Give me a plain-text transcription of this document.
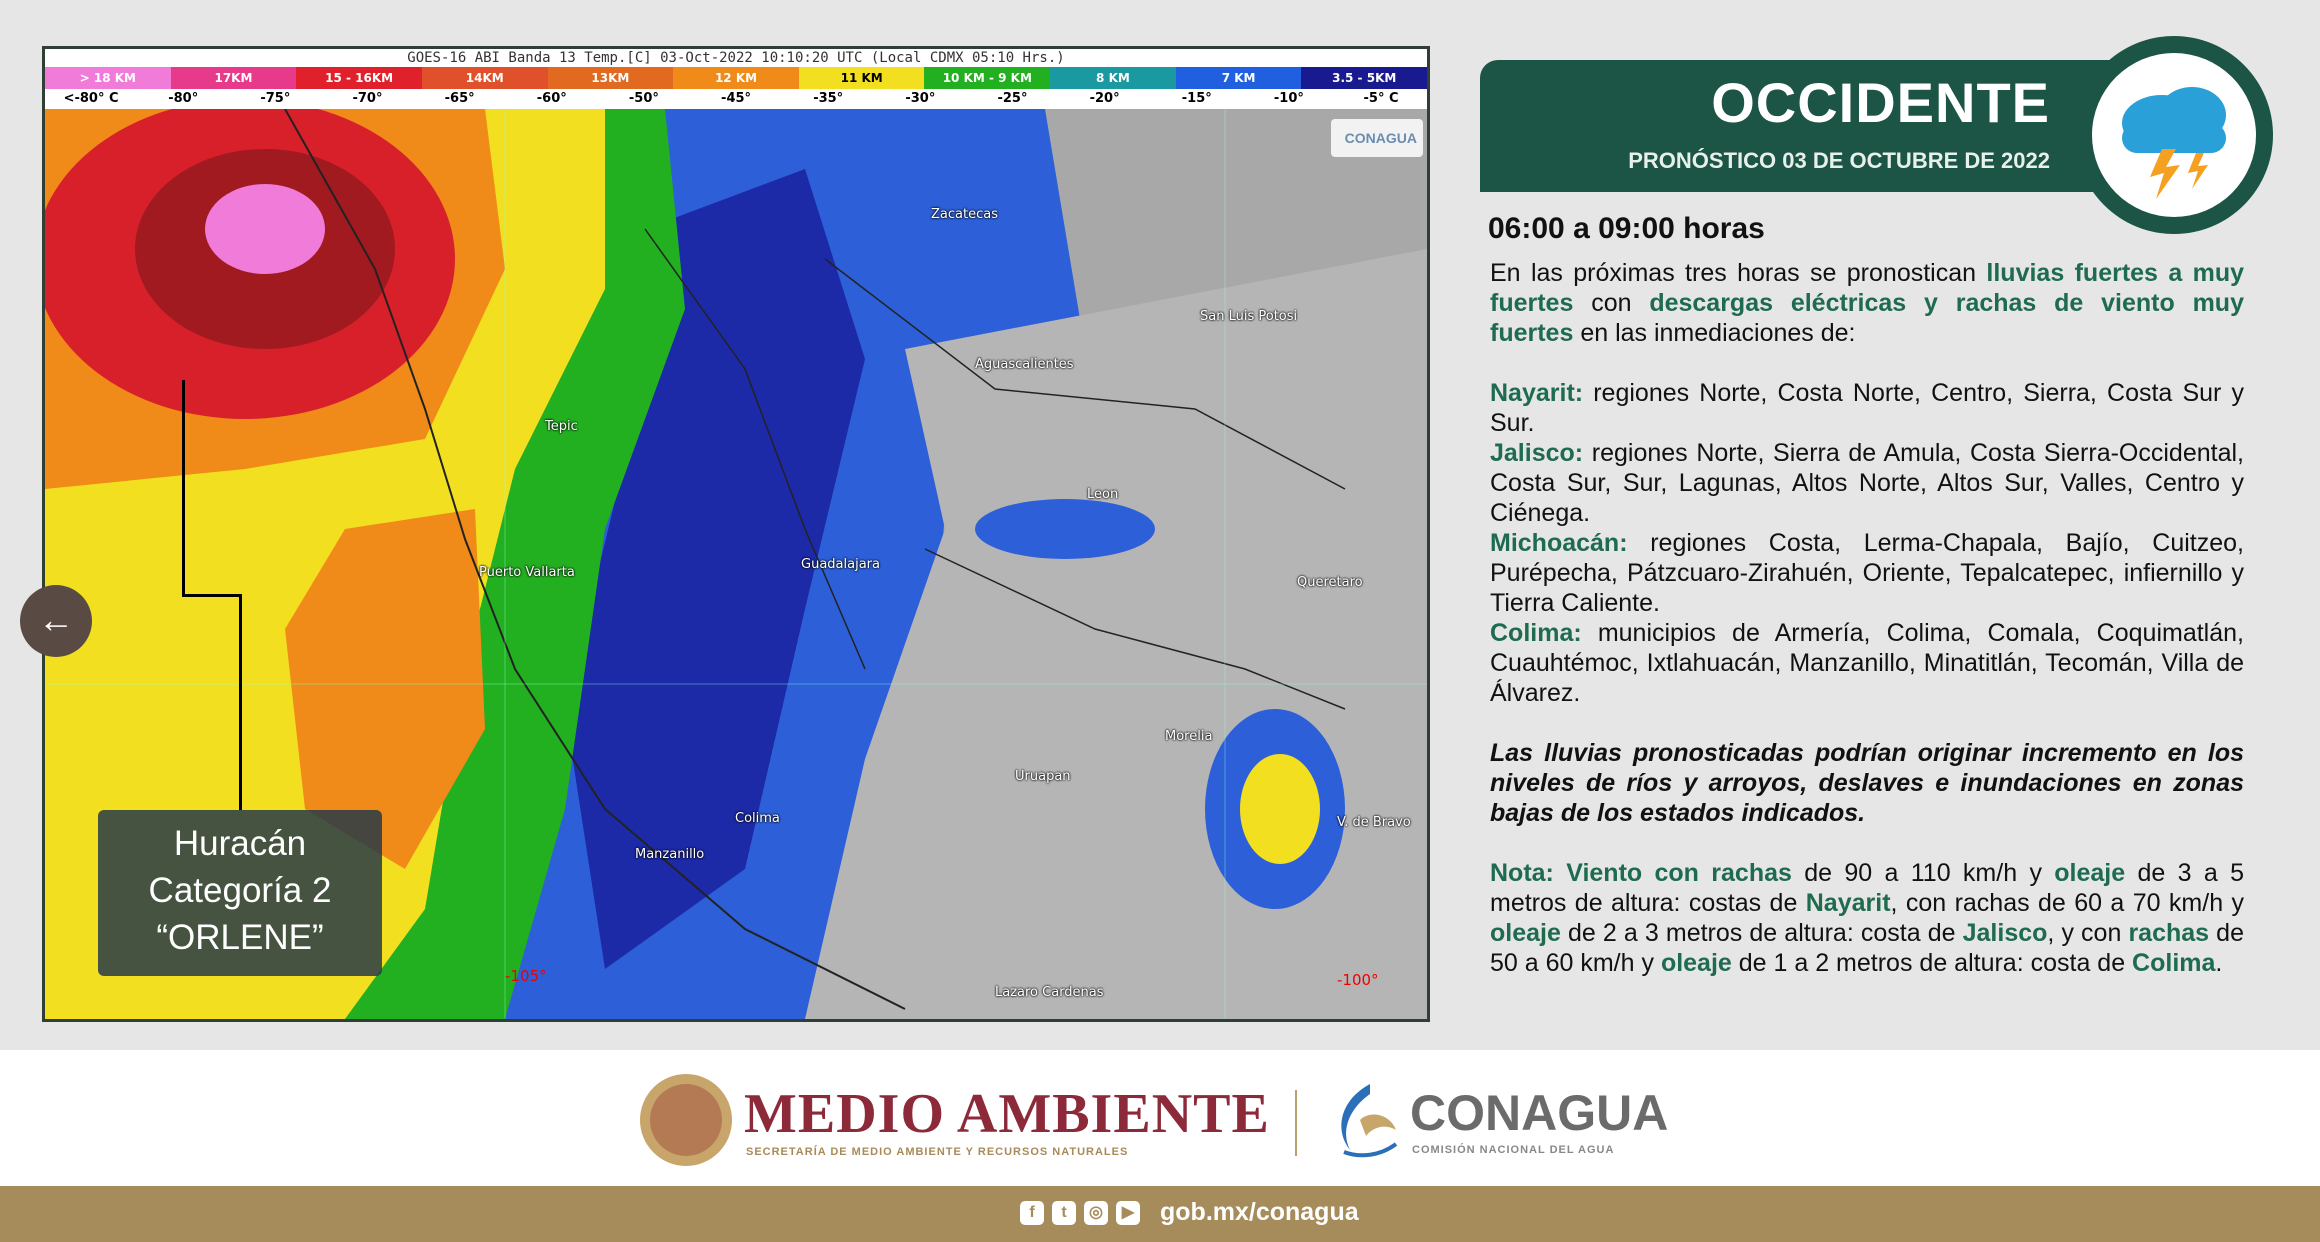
GOES-16 ABI Banda 13 Temp.[C] 03-Oct-2022 10:10:20 UTC (Local CDMX 05:10 Hrs.)
> 18 KM	17KM	15 - 16KM	14KM	13KM	12 KM	11 KM	10 KM - 9 KM	8 KM	7 KM	3.5 - 5KM
<-80° C	-80°	-75°	-70°	-65°	-60°	-50°	-45°	-35°	-30°	-25°	-20°	-15°	-10°	-5° C
CONAGUA
Zacatecas
San Luis Potosi
Aguascalientes
Tepic
Leon
Puerto Vallarta
Guadalajara
Queretaro
Morelia
Uruapan
Colima
Manzanillo
V. de Bravo
Lazaro Cardenas
-105°	-100°
Huracán
Categoría 2
“ORLENE”
←
OCCIDENTE
PRONÓSTICO 03 DE OCTUBRE DE 2022
06:00 a 09:00 horas

En las próximas tres horas se pronostican lluvias fuertes a muy fuertes con descargas eléctricas y rachas de viento muy fuertes en las inmediaciones de:

Nayarit: regiones Norte, Costa Norte, Centro, Sierra, Costa Sur y Sur.
Jalisco: regiones Norte, Sierra de Amula, Costa Sierra-Occidental, Costa Sur, Sur, Lagunas, Altos Norte, Altos Sur, Valles, Centro y Ciénega.
Michoacán: regiones Costa, Lerma-Chapala, Bajío, Cuitzeo, Purépecha, Pátzcuaro-Zirahuén, Oriente, Tepalcatepec, infiernillo y Tierra Caliente.
Colima: municipios de Armería, Colima, Comala, Coquimatlán, Cuauhtémoc, Ixtlahuacán, Manzanillo, Minatitlán, Tecomán, Villa de Álvarez.

Las lluvias pronosticadas podrían originar incremento en los niveles de ríos y arroyos, deslaves e inundaciones en zonas bajas de los estados indicados.

Nota: Viento con rachas de 90 a 110 km/h y oleaje de 3 a 5 metros de altura: costas de Nayarit, con rachas de 60 a 70 km/h y oleaje de 2 a 3 metros de altura: costa de Jalisco, y con rachas de 50 a 60 km/h y oleaje de 1 a 2 metros de altura: costa de Colima.

MEDIO AMBIENTE
SECRETARÍA DE MEDIO AMBIENTE Y RECURSOS NATURALES
CONAGUA
COMISIÓN NACIONAL DEL AGUA
f	t	◎	▶ gob.mx/conagua
